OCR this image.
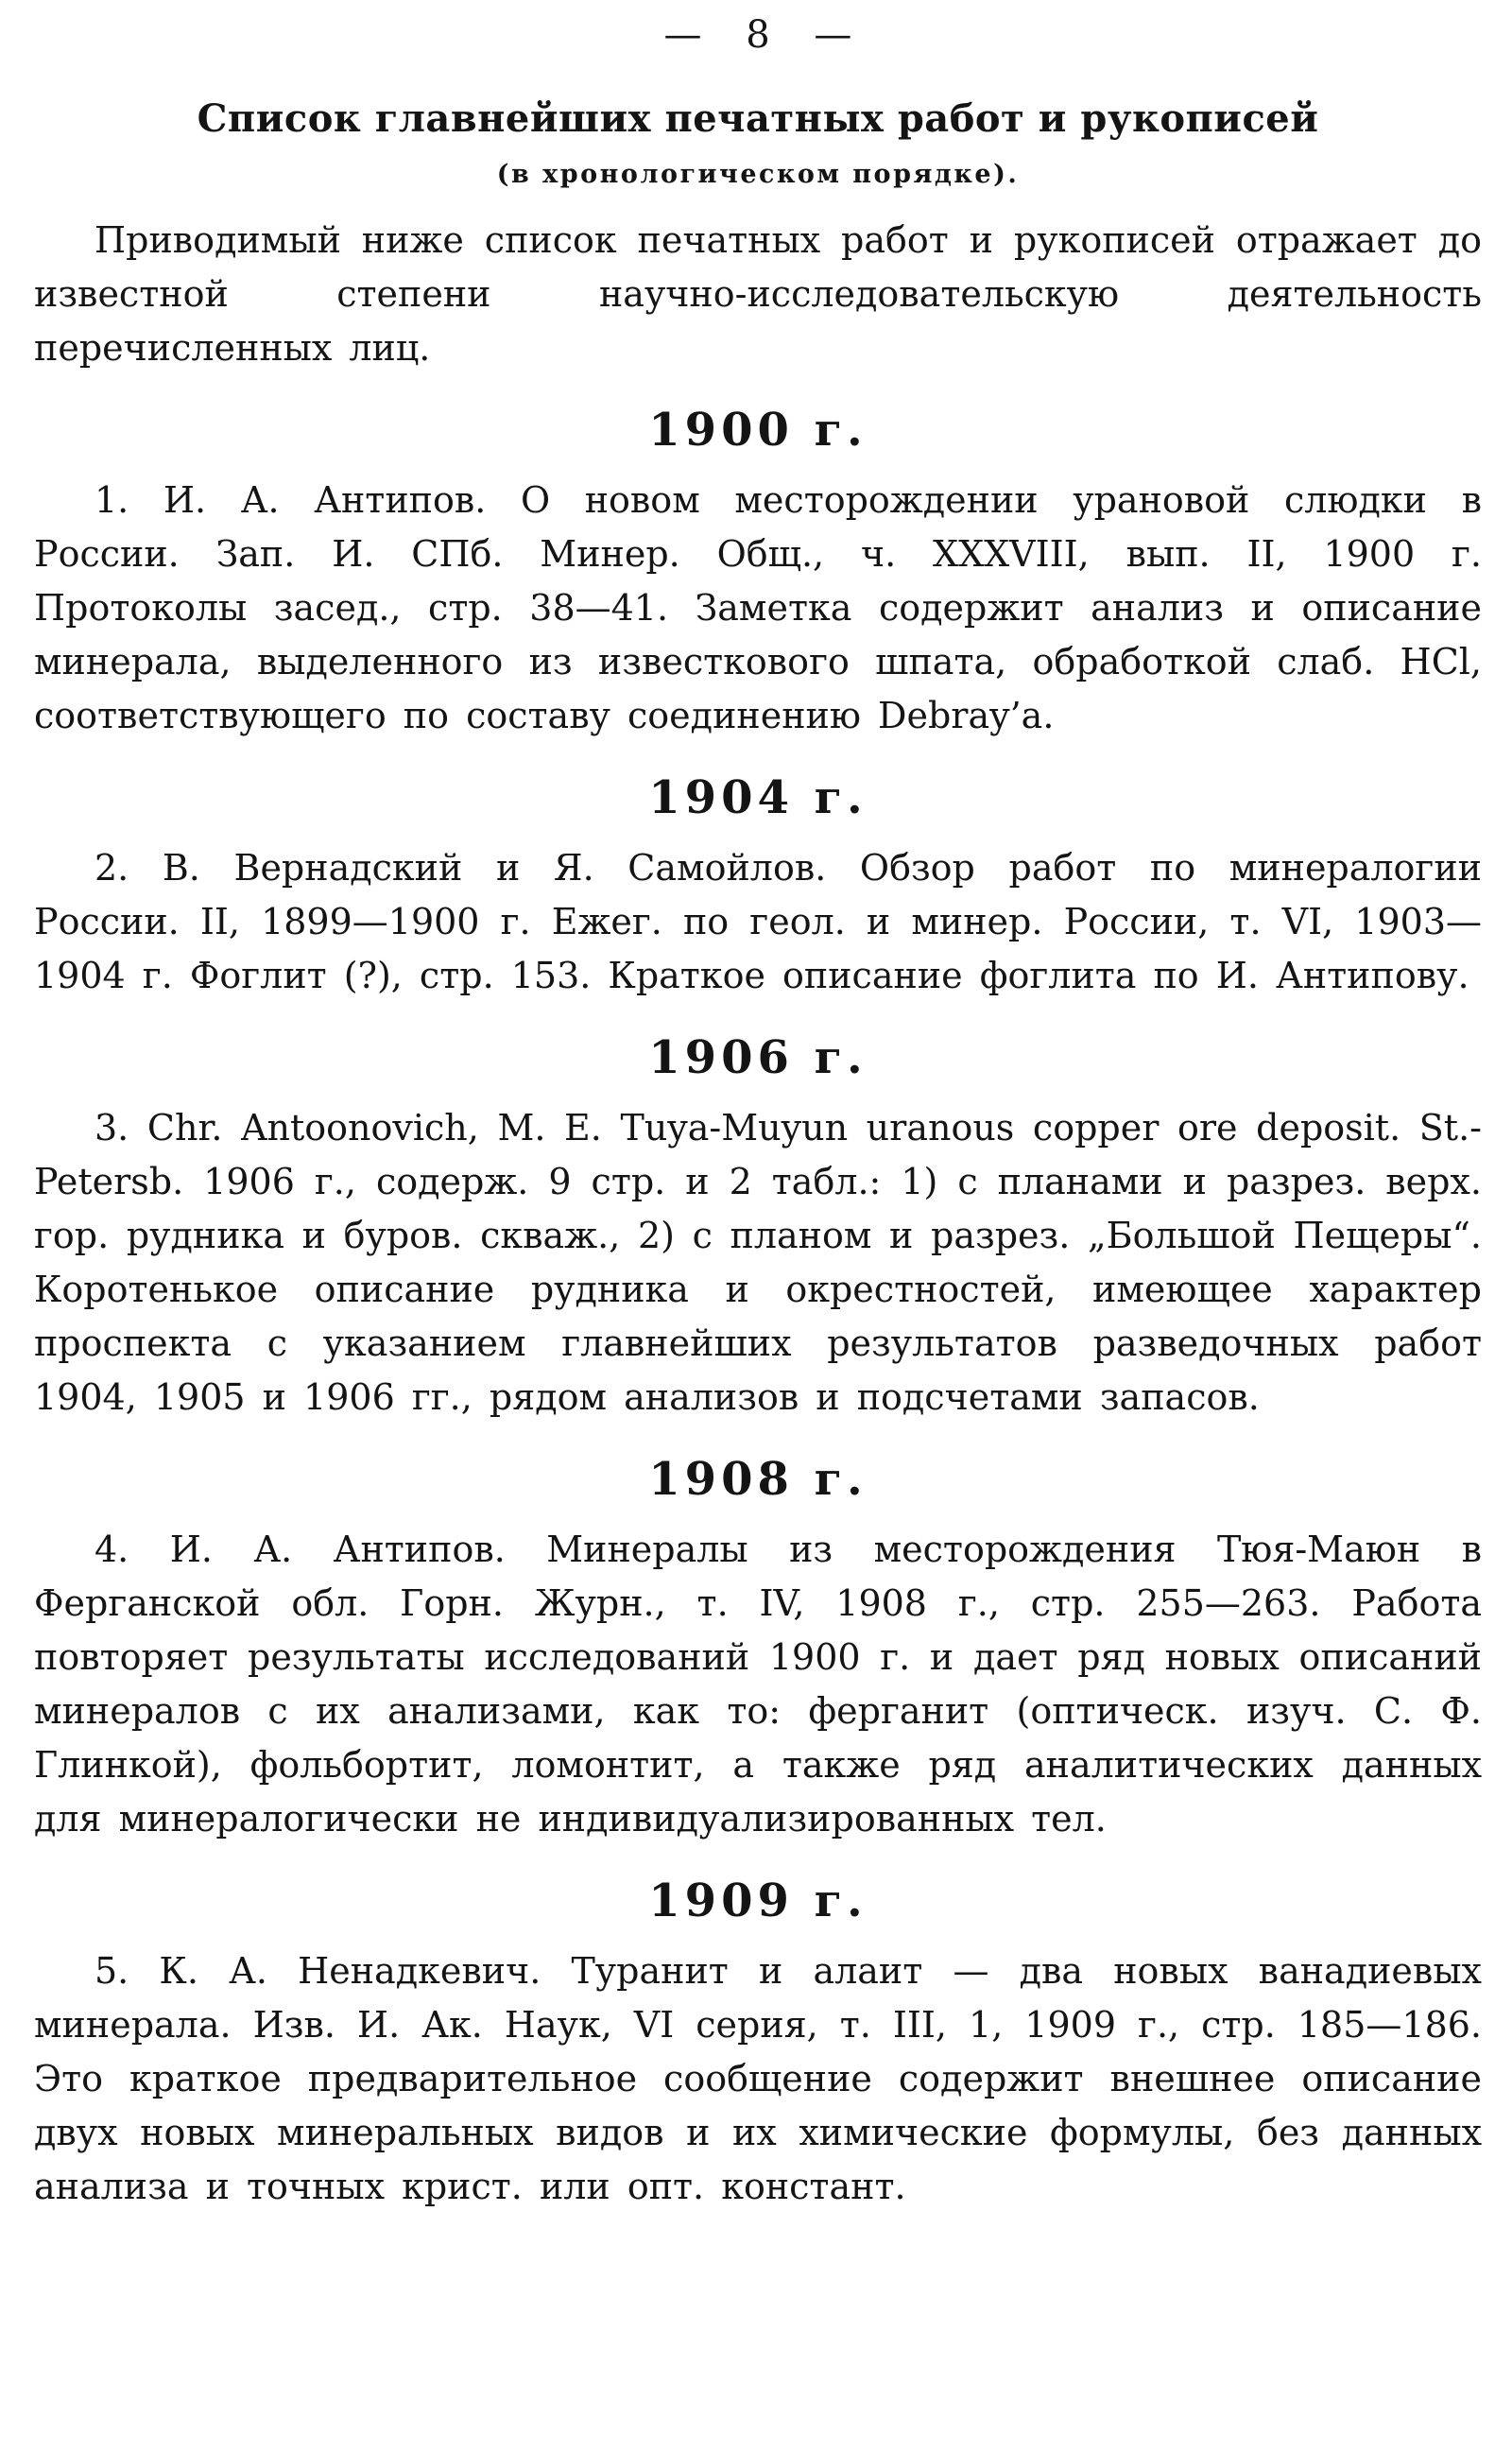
— 8 —
Список главнейших печатных работ и рукописей
(в хронологическом порядке).

Приводимый ниже список печатных работ и рукописей отражает до известной степени научно-исследовательскую деятельность перечисленных лиц.

1900 г.

1. И. А. Антипов. О новом месторождении урановой слюдки в России. Зап. И. СПб. Минер. Общ., ч. XXXVIII, вып. II, 1900 г. Протоколы засед., стр. 38—41. Заметка содержит анализ и описание минерала, выделенного из известкового шпата, обработкой слаб. HCl, соответствующего по составу соединению Debray’a.

1904 г.

2. В. Вернадский и Я. Самойлов. Обзор работ по минералогии России. II, 1899—1900 г. Ежег. по геол. и минер. России, т. VI, 1903—1904 г. Фоглит (?), стр. 153. Краткое описание фоглита по И. Антипову.

1906 г.

3. Chr. Antoonovich, M. E. Tuya-Muyun uranous copper ore deposit. St.-Petersb. 1906 г., содерж. 9 стр. и 2 табл.: 1) с планами и разрез. верх. гор. рудника и буров. скваж., 2) с планом и разрез. „Большой Пещеры“. Коротенькое описание рудника и окрестностей, имеющее характер проспекта с указанием главнейших результатов разведочных работ 1904, 1905 и 1906 гг., рядом анализов и подсчетами запасов.

1908 г.

4. И. А. Антипов. Минералы из месторождения Тюя-Маюн в Ферганской обл. Горн. Журн., т. IV, 1908 г., стр. 255—263. Работа повторяет результаты исследований 1900 г. и дает ряд новых описаний минералов с их анализами, как то: ферганит (оптическ. изуч. С. Ф. Глинкой), фольбортит, ломонтит, а также ряд аналитических данных для минералогически не индивидуализированных тел.

1909 г.

5. К. А. Ненадкевич. Туранит и алаит — два новых ванадиевых минерала. Изв. И. Ак. Наук, VI серия, т. III, 1, 1909 г., стр. 185—186. Это краткое предварительное сообщение содержит внешнее описание двух новых минеральных видов и их химические формулы, без данных анализа и точных крист. или опт. констант.
